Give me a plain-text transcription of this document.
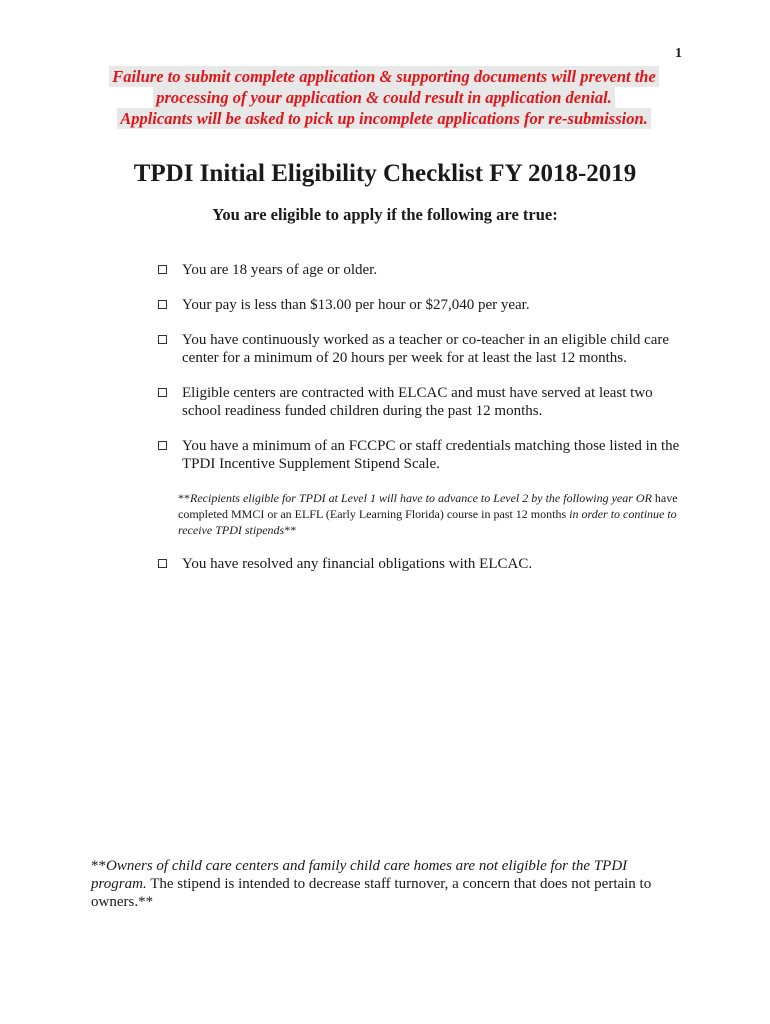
1
Failure to submit complete application & supporting documents will prevent the
processing of your application & could result in application denial.
Applicants will be asked to pick up incomplete applications for re-submission.
TPDI Initial Eligibility Checklist FY 2018-2019
You are eligible to apply if the following are true:
You are 18 years of age or older.
Your pay is less than $13.00 per hour or $27,040 per year.
You have continuously worked as a teacher or co-teacher in an eligible child care center for a minimum of 20 hours per week for at least the last 12 months.
Eligible centers are contracted with ELCAC and must have served at least two school readiness funded children during the past 12 months.
You have a minimum of an FCCPC or staff credentials matching those listed in the TPDI Incentive Supplement Stipend Scale.
**Recipients eligible for TPDI at Level 1 will have to advance to Level 2 by the following year OR have completed MMCI or an ELFL (Early Learning Florida) course in past 12 months in order to continue to receive TPDI stipends**
You have resolved any financial obligations with ELCAC.
**Owners of child care centers and family child care homes are not eligible for the TPDI program. The stipend is intended to decrease staff turnover, a concern that does not pertain to owners.**
